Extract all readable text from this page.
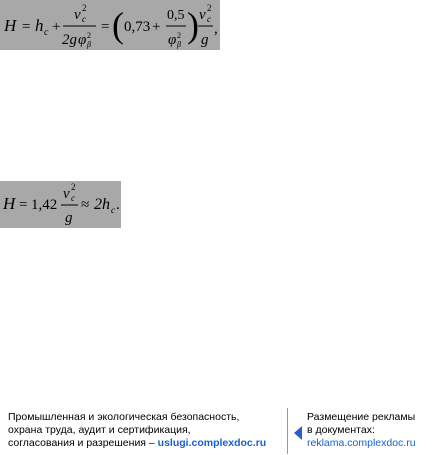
H = h c +
v 2
c
2g φ 2
β
= ( 0,73 +
0,5
φ 2
β ) v 2
c
g
,
H = 1,42
v 2
c
g
≈ 2h c .
Промышленная и экологическая безопасность,
охрана труда, аудит и сертификация,
согласования и разрешения – uslugi.complexdoc.ru
Размещение рекламы
в документах:
reklama.complexdoc.ru
